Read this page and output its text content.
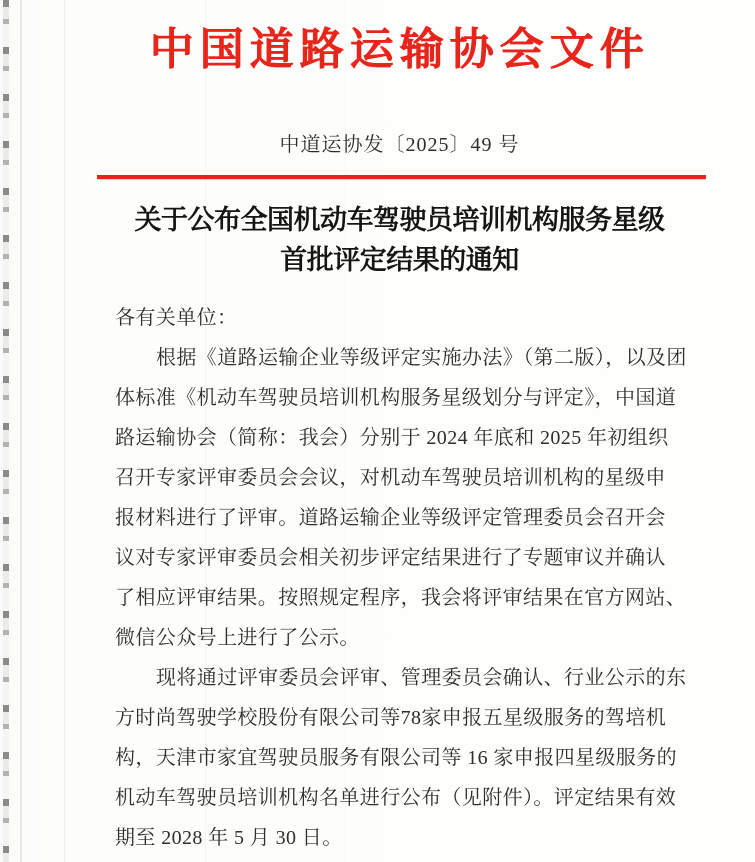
中国道路运输协会文件
中道运协发〔2025〕49 号
关于公布全国机动车驾驶员培训机构服务星级
首批评定结果的通知
各有关单位：
根据《道路运输企业等级评定实施办法》（第二版），以及团
体标准《机动车驾驶员培训机构服务星级划分与评定》，中国道
路运输协会（简称：我会）分别于 2024 年底和 2025 年初组织
召开专家评审委员会会议，对机动车驾驶员培训机构的星级申
报材料进行了评审。道路运输企业等级评定管理委员会召开会
议对专家评审委员会相关初步评定结果进行了专题审议并确认
了相应评审结果。按照规定程序，我会将评审结果在官方网站、
微信公众号上进行了公示。
现将通过评审委员会评审、管理委员会确认、行业公示的东
方时尚驾驶学校股份有限公司等78家申报五星级服务的驾培机
构，天津市家宜驾驶员服务有限公司等 16 家申报四星级服务的
机动车驾驶员培训机构名单进行公布（见附件）。评定结果有效
期至 2028 年 5 月 30 日。
